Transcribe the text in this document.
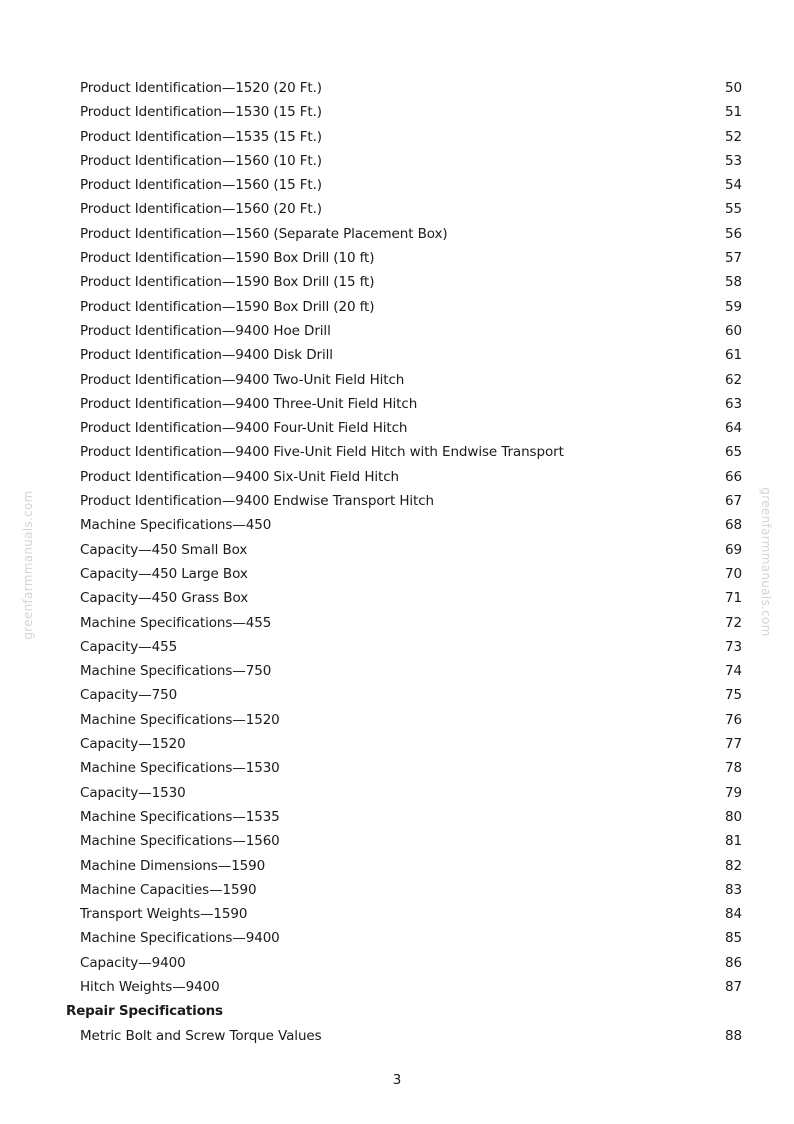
greenfarmmanuals.com	greenfarmmanuals.com
Product Identification—1520 (20 Ft.)	50
Product Identification—1530 (15 Ft.)	51
Product Identification—1535 (15 Ft.)	52
Product Identification—1560 (10 Ft.)	53
Product Identification—1560 (15 Ft.)	54
Product Identification—1560 (20 Ft.)	55
Product Identification—1560 (Separate Placement Box)	56
Product Identification—1590 Box Drill (10 ft)	57
Product Identification—1590 Box Drill (15 ft)	58
Product Identification—1590 Box Drill (20 ft)	59
Product Identification—9400 Hoe Drill	60
Product Identification—9400 Disk Drill	61
Product Identification—9400 Two-Unit Field Hitch	62
Product Identification—9400 Three-Unit Field Hitch	63
Product Identification—9400 Four-Unit Field Hitch	64
Product Identification—9400 Five-Unit Field Hitch with Endwise Transport	65
Product Identification—9400 Six-Unit Field Hitch	66
Product Identification—9400 Endwise Transport Hitch	67
Machine Specifications—450	68
Capacity—450 Small Box	69
Capacity—450 Large Box	70
Capacity—450 Grass Box	71
Machine Specifications—455	72
Capacity—455	73
Machine Specifications—750	74
Capacity—750	75
Machine Specifications—1520	76
Capacity—1520	77
Machine Specifications—1530	78
Capacity—1530	79
Machine Specifications—1535	80
Machine Specifications—1560	81
Machine Dimensions—1590	82
Machine Capacities—1590	83
Transport Weights—1590	84
Machine Specifications—9400	85
Capacity—9400	86
Hitch Weights—9400	87
Repair Specifications
Metric Bolt and Screw Torque Values	88
3
